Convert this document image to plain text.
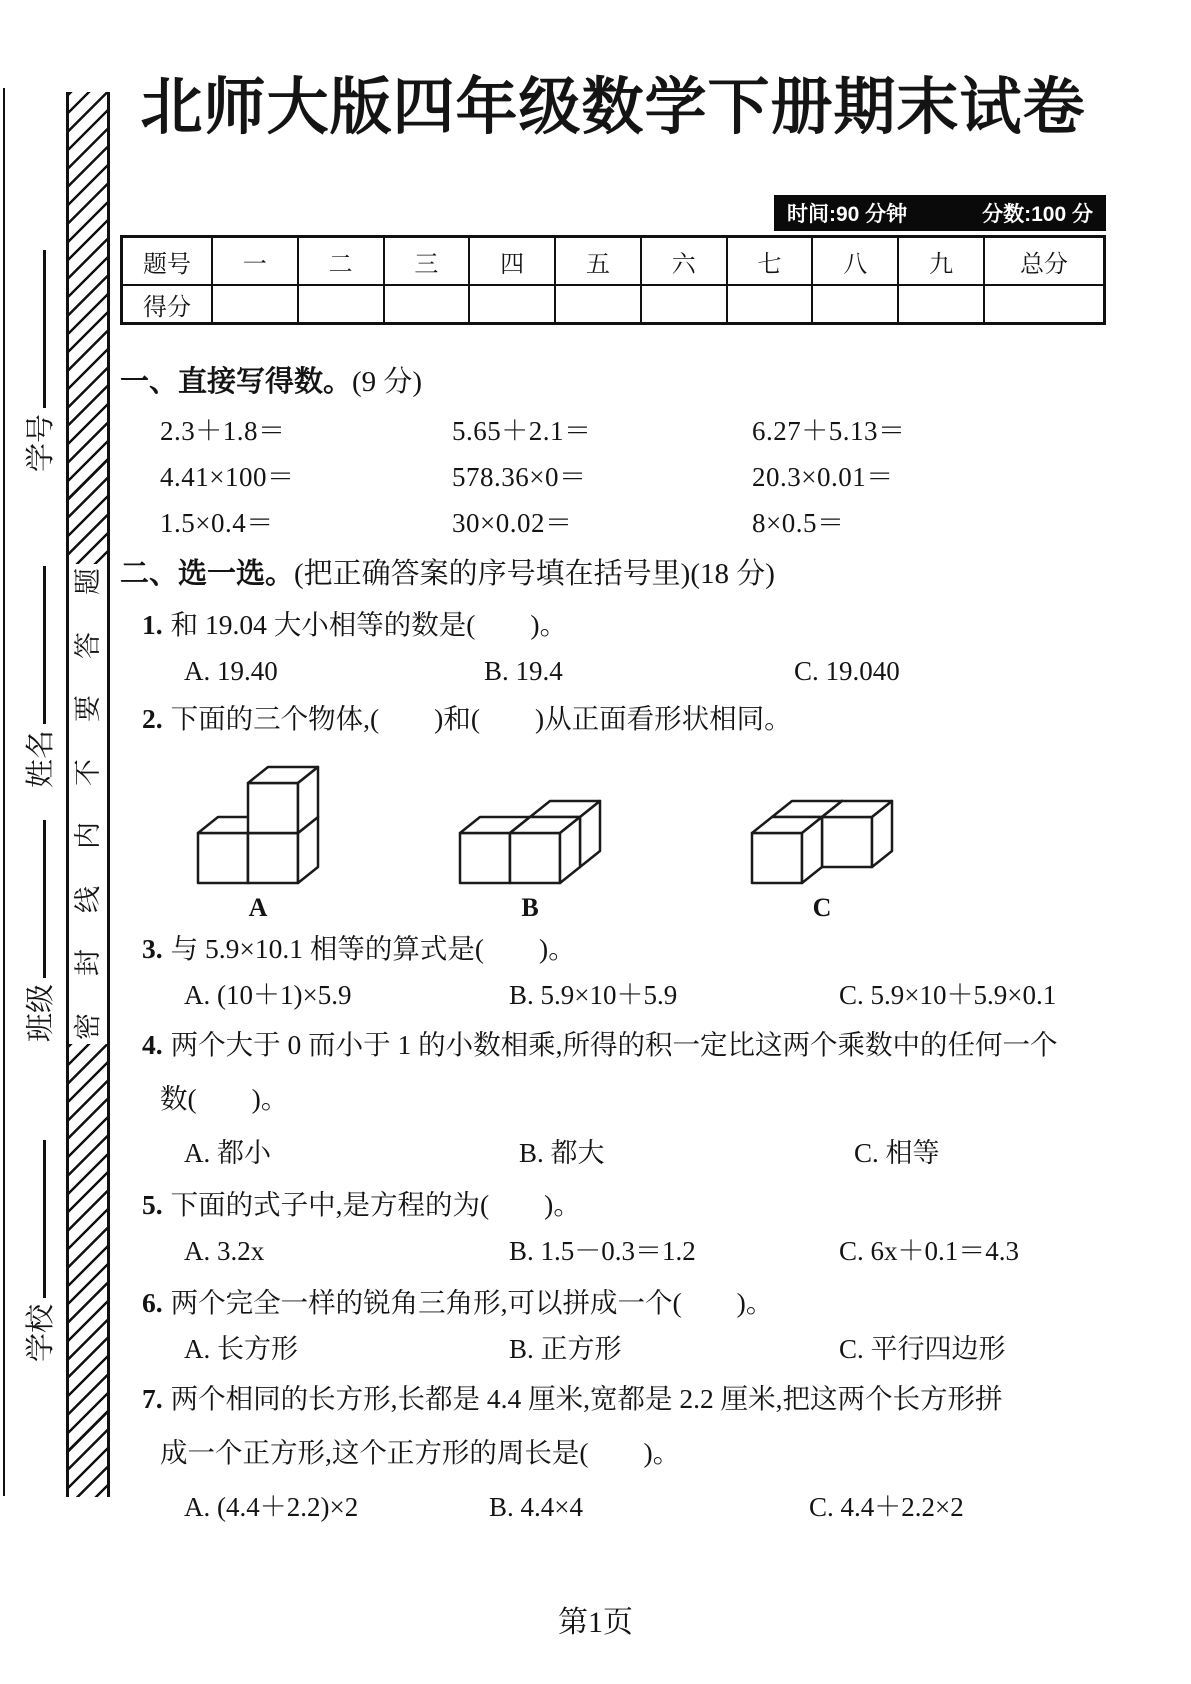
学号
姓名
班级
学校
题
答
要
不
内
线
封
密
北师大版四年级数学下册期末试卷
时间:90 分钟	分数:100 分
题号	一	二	三	四	五	六	七	八	九	总分
得分										
一、直接写得数。(9 分)
2.3＋1.8＝	5.65＋2.1＝	6.27＋5.13＝
4.41×100＝	578.36×0＝	20.3×0.01＝
1.5×0.4＝	30×0.02＝	8×0.5＝
二、选一选。(把正确答案的序号填在括号里)(18 分)
1. 和 19.04 大小相等的数是(　　)。
A. 19.40	B. 19.4	C. 19.040
2. 下面的三个物体,(　　)和(　　)从正面看形状相同。
A	B	C
3. 与 5.9×10.1 相等的算式是(　　)。
A. (10＋1)×5.9	B. 5.9×10＋5.9	C. 5.9×10＋5.9×0.1
4. 两个大于 0 而小于 1 的小数相乘,所得的积一定比这两个乘数中的任何一个
数(　　)。
A. 都小	B. 都大	C. 相等
5. 下面的式子中,是方程的为(　　)。
A. 3.2x	B. 1.5－0.3＝1.2	C. 6x＋0.1＝4.3
6. 两个完全一样的锐角三角形,可以拼成一个(　　)。
A. 长方形	B. 正方形	C. 平行四边形
7. 两个相同的长方形,长都是 4.4 厘米,宽都是 2.2 厘米,把这两个长方形拼
成一个正方形,这个正方形的周长是(　　)。
A. (4.4＋2.2)×2	B. 4.4×4	C. 4.4＋2.2×2
第1页
